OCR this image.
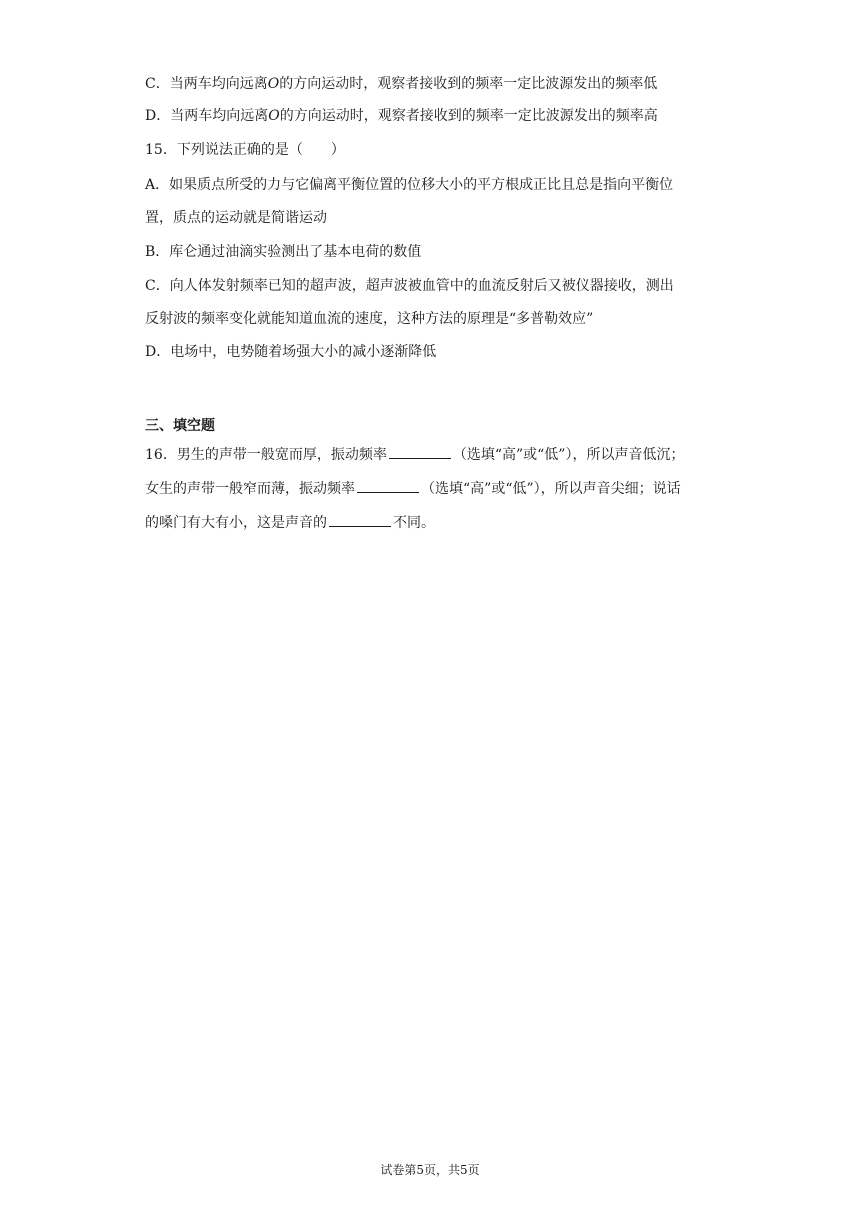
C．当两车均向远离O的方向运动时，观察者接收到的频率一定比波源发出的频率低
D．当两车均向远离O的方向运动时，观察者接收到的频率一定比波源发出的频率高
15．下列说法正确的是（　　）
A．如果质点所受的力与它偏离平衡位置的位移大小的平方根成正比且总是指向平衡位
置，质点的运动就是简谐运动
B．库仑通过油滴实验测出了基本电荷的数值
C．向人体发射频率已知的超声波，超声波被血管中的血流反射后又被仪器接收，测出
反射波的频率变化就能知道血流的速度，这种方法的原理是“多普勒效应”
D．电场中，电势随着场强大小的减小逐渐降低
三、填空题
16．男生的声带一般宽而厚，振动频率	（选填“高”或“低”），所以声音低沉；
女生的声带一般窄而薄，振动频率	（选填“高”或“低”），所以声音尖细；说话
的嗓门有大有小，这是声音的	不同。
试卷第5页，共5页
